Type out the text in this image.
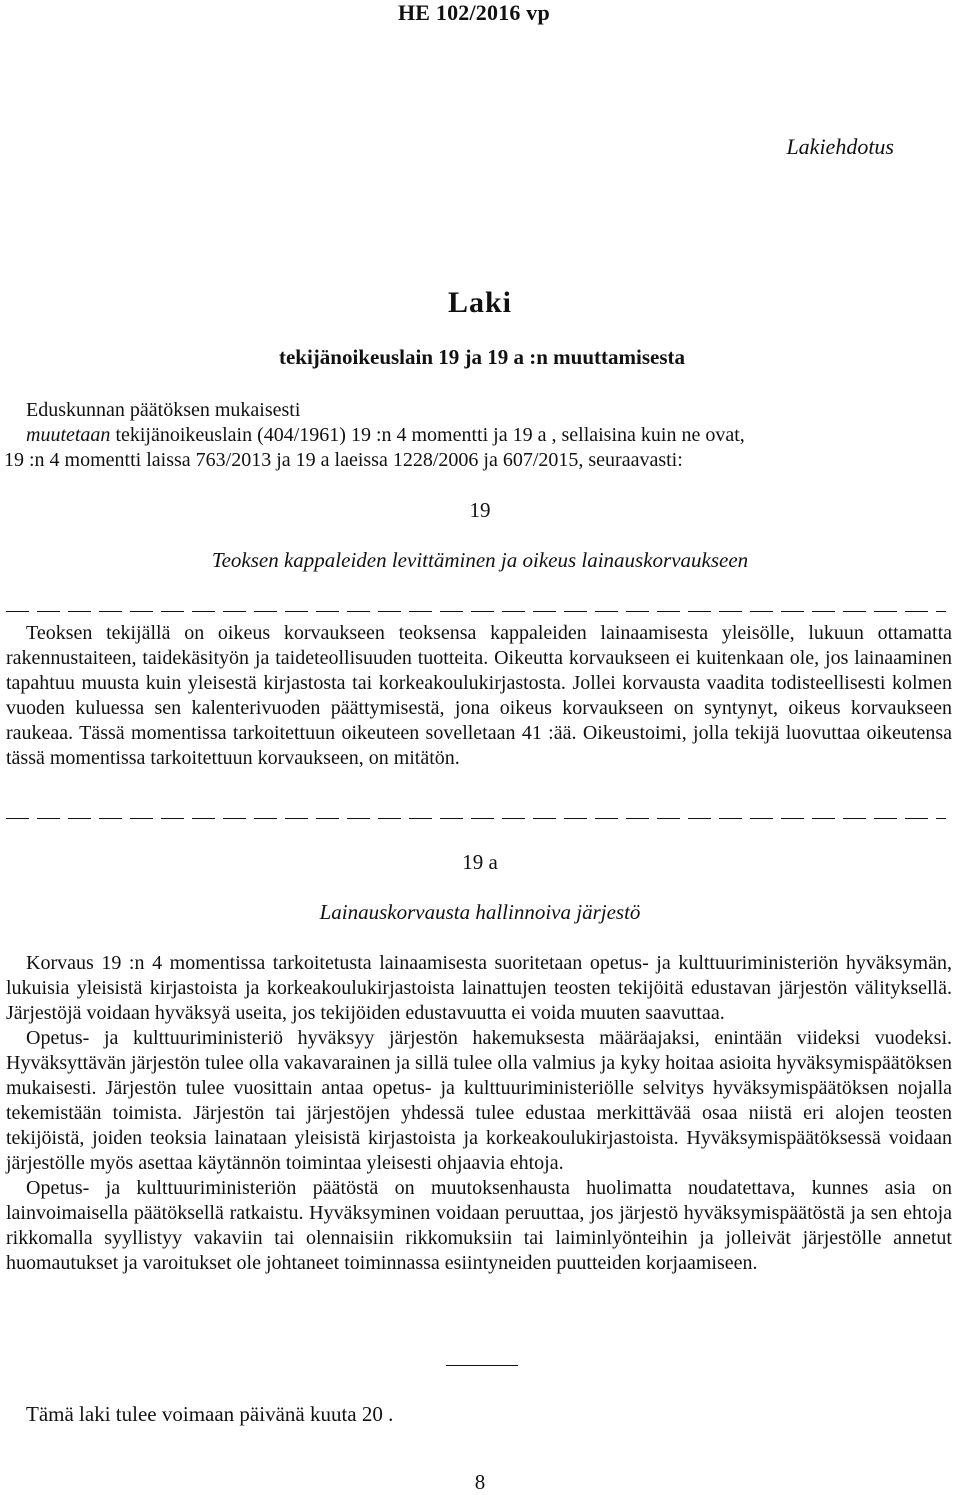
HE 102/2016 vp
Lakiehdotus
Laki
tekijänoikeuslain 19 ja 19 a :n muuttamisesta
Eduskunnan päätöksen mukaisesti
muutetaan tekijänoikeuslain (404/1961) 19 :n 4 momentti ja 19 a , sellaisina kuin ne ovat,
19 :n 4 momentti laissa 763/2013 ja 19 a laeissa 1228/2006 ja 607/2015, seuraavasti:
19
Teoksen kappaleiden levittäminen ja oikeus lainauskorvaukseen

Teoksen tekijällä on oikeus korvaukseen teoksensa kappaleiden lainaamisesta yleisölle, lukuun ottamatta rakennustaiteen, taidekäsityön ja taideteollisuuden tuotteita. Oikeutta korvaukseen ei kuitenkaan ole, jos lainaaminen tapahtuu muusta kuin yleisestä kirjastosta tai korkeakoulukirjastosta. Jollei korvausta vaadita todisteellisesti kolmen vuoden kuluessa sen kalenterivuoden päättymisestä, jona oikeus korvaukseen on syntynyt, oikeus korvaukseen raukeaa. Tässä momentissa tarkoitettuun oikeuteen sovelletaan 41 :ää. Oikeustoimi, jolla tekijä luovuttaa oikeutensa tässä momentissa tarkoitettuun korvaukseen, on mitätön.

19 a
Lainauskorvausta hallinnoiva järjestö

Korvaus 19 :n 4 momentissa tarkoitetusta lainaamisesta suoritetaan opetus- ja kulttuuriministeriön hyväksymän, lukuisia yleisistä kirjastoista ja korkeakoulukirjastoista lainattujen teosten tekijöitä edustavan järjestön välityksellä. Järjestöjä voidaan hyväksyä useita, jos tekijöiden edustavuutta ei voida muuten saavuttaa.

Opetus- ja kulttuuriministeriö hyväksyy järjestön hakemuksesta määräajaksi, enintään viideksi vuodeksi. Hyväksyttävän järjestön tulee olla vakavarainen ja sillä tulee olla valmius ja kyky hoitaa asioita hyväksymispäätöksen mukaisesti. Järjestön tulee vuosittain antaa opetus- ja kulttuuriministeriölle selvitys hyväksymispäätöksen nojalla tekemistään toimista. Järjestön tai järjestöjen yhdessä tulee edustaa merkittävää osaa niistä eri alojen teosten tekijöistä, joiden teoksia lainataan yleisistä kirjastoista ja korkeakoulukirjastoista. Hyväksymispäätöksessä voidaan järjestölle myös asettaa käytännön toimintaa yleisesti ohjaavia ehtoja.

Opetus- ja kulttuuriministeriön päätöstä on muutoksenhausta huolimatta noudatettava, kunnes asia on lainvoimaisella päätöksellä ratkaistu. Hyväksyminen voidaan peruuttaa, jos järjestö hyväksymispäätöstä ja sen ehtoja rikkomalla syyllistyy vakaviin tai olennaisiin rikkomuksiin tai laiminlyönteihin ja jolleivät järjestölle annetut huomautukset ja varoitukset ole johtaneet toiminnassa esiintyneiden puutteiden korjaamiseen.

Tämä laki tulee voimaan päivänä kuuta 20 .
8
